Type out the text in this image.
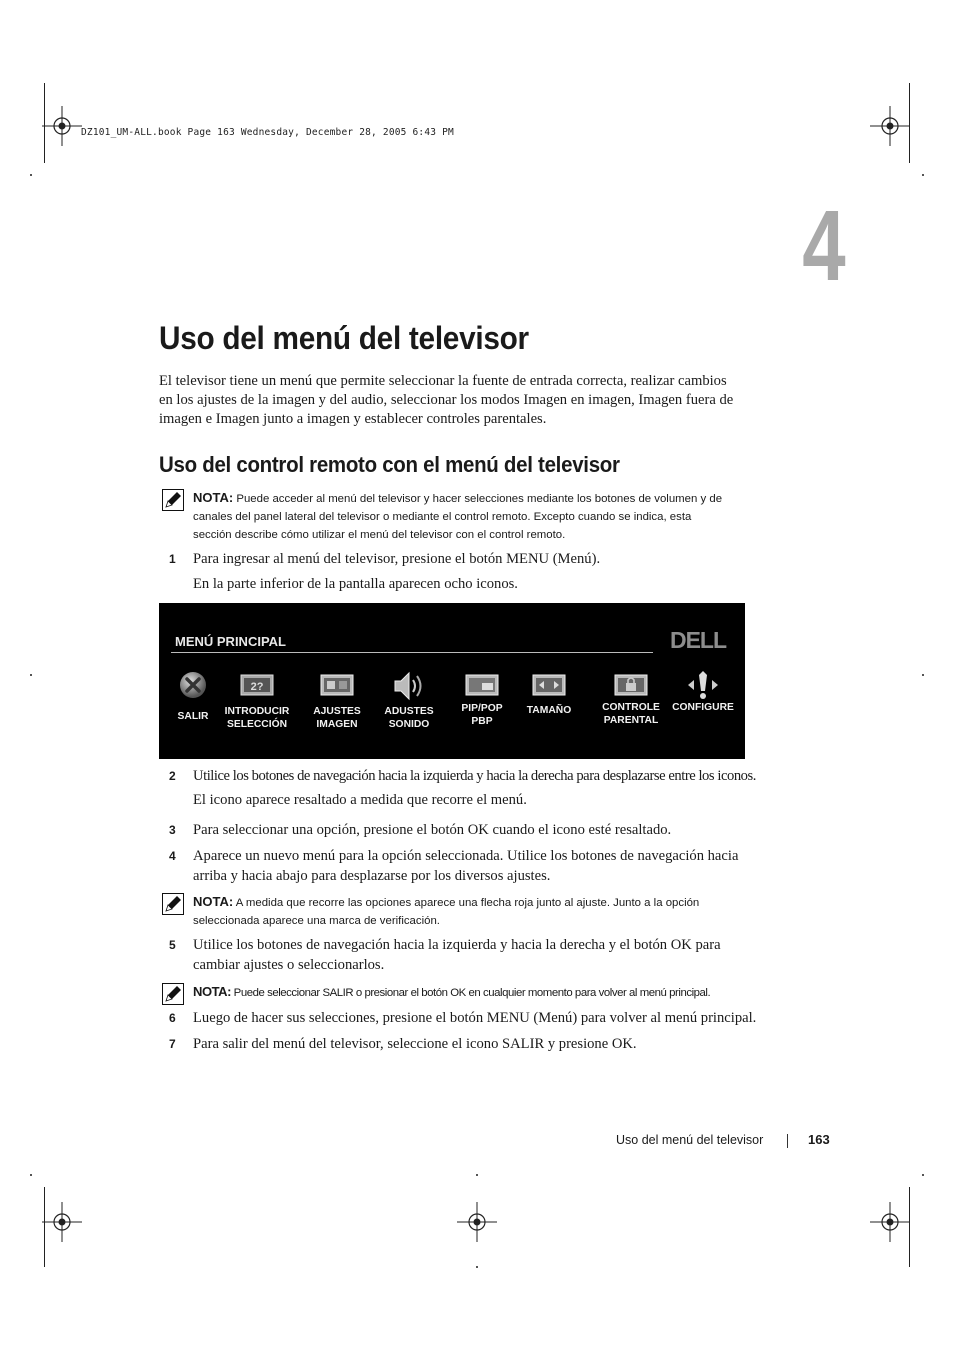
DZ101_UM-ALL.book Page 163 Wednesday, December 28, 2005 6:43 PM
4
Uso del menú del televisor
El televisor tiene un menú que permite seleccionar la fuente de entrada correcta, realizar cambios
en los ajustes de la imagen y del audio, seleccionar los modos Imagen en imagen, Imagen fuera de
imagen e Imagen junto a imagen y establecer controles parentales.
Uso del control remoto con el menú del televisor
NOTA: Puede acceder al menú del televisor y hacer selecciones mediante los botones de volumen y de
canales del panel lateral del televisor o mediante el control remoto. Excepto cuando se indica, esta
sección describe cómo utilizar el menú del televisor con el control remoto.
1 Para ingresar al menú del televisor, presione el botón MENU (Menú).
En la parte inferior de la pantalla aparecen ocho iconos.
MENÚ PRINCIPAL	DELL
SALIR
2?
INTRODUCIR
SELECCIÓN
AJUSTES
IMAGEN
ADUSTES
SONIDO
PIP/POP
PBP
TAMAÑO	CONTROLE
PARENTAL
CONFIGURE
2 Utilice los botones de navegación hacia la izquierda y hacia la derecha para desplazarse entre los iconos.
El icono aparece resaltado a medida que recorre el menú.
3 Para seleccionar una opción, presione el botón OK cuando el icono esté resaltado.
4 Aparece un nuevo menú para la opción seleccionada. Utilice los botones de navegación hacia
arriba y hacia abajo para desplazarse por los diversos ajustes.
NOTA: A medida que recorre las opciones aparece una flecha roja junto al ajuste. Junto a la opción
seleccionada aparece una marca de verificación.
5 Utilice los botones de navegación hacia la izquierda y hacia la derecha y el botón OK para
cambiar ajustes o seleccionarlos.
NOTA: Puede seleccionar SALIR o presionar el botón OK en cualquier momento para volver al menú principal.
6 Luego de hacer sus selecciones, presione el botón MENU (Menú) para volver al menú principal.
7 Para salir del menú del televisor, seleccione el icono SALIR y presione OK.
Uso del menú del televisor	163
